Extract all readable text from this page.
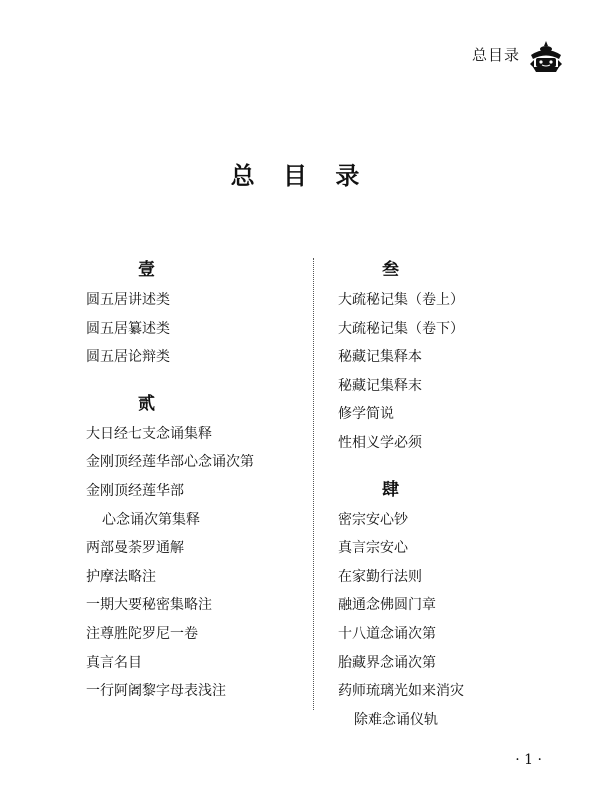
总目录
总 目 录
壹
圆五居讲述类
圆五居纂述类
圆五居论辩类
贰
大日经七支念诵集释
金刚顶经莲华部心念诵次第
金刚顶经莲华部
心念诵次第集释
两部曼荼罗通解
护摩法略注
一期大要秘密集略注
注尊胜陀罗尼一卷
真言名目
一行阿阇黎字母表浅注
叁
大疏秘记集（卷上）
大疏秘记集（卷下）
秘藏记集释本
秘藏记集释末
修学简说
性相义学必须
肆
密宗安心钞
真言宗安心
在家勤行法则
融通念佛圆门章
十八道念诵次第
胎藏界念诵次第
药师琉璃光如来消灾
除难念诵仪轨
· 1 ·
